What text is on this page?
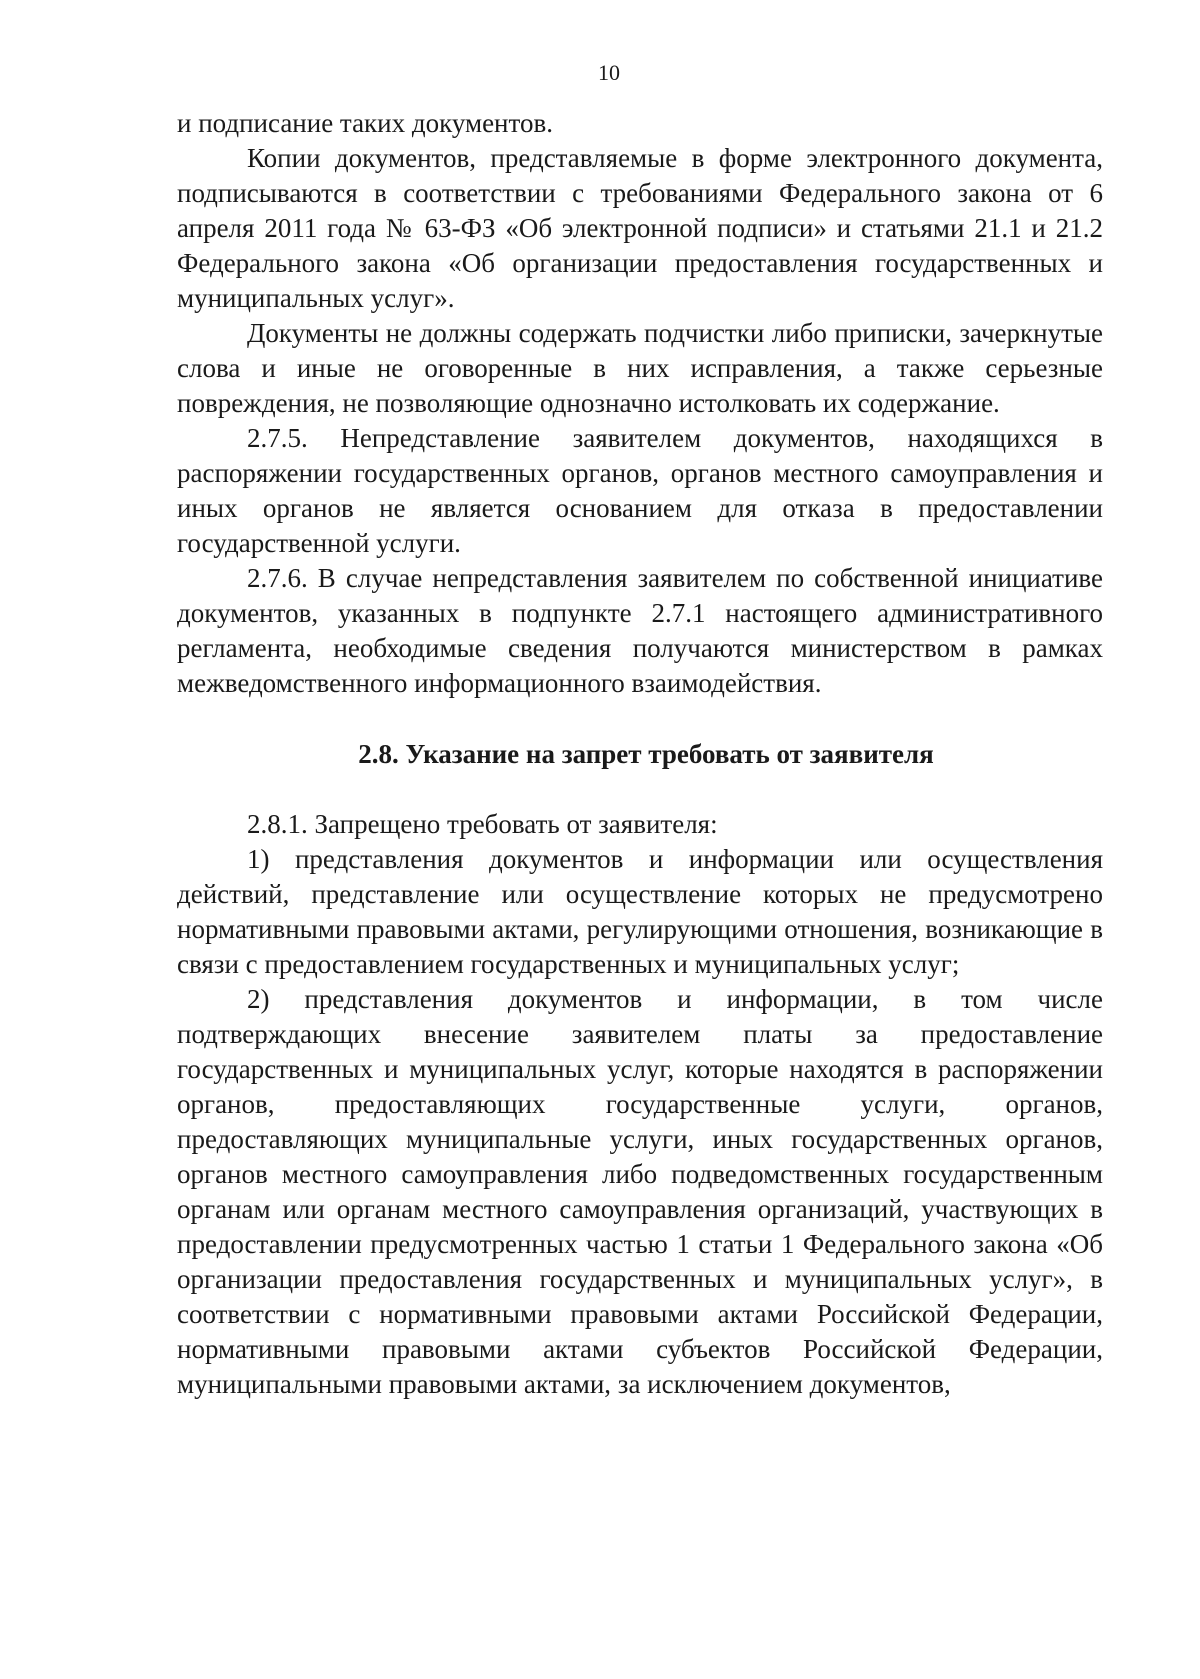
10

и подписание таких документов.

Копии документов, представляемые в форме электронного документа, подписываются в соответствии с требованиями Федерального закона от 6 апреля 2011 года № 63-ФЗ «Об электронной подписи» и статьями 21.1 и 21.2 Федерального закона «Об организации предоставления государственных и муниципальных услуг».

Документы не должны содержать подчистки либо приписки, зачеркнутые слова и иные не оговоренные в них исправления, а также серьезные повреждения, не позволяющие однозначно истолковать их содержание.

2.7.5. Непредставление заявителем документов, находящихся в распоряжении государственных органов, органов местного самоуправления и иных органов не является основанием для отказа в предоставлении государственной услуги.

2.7.6. В случае непредставления заявителем по собственной инициативе документов, указанных в подпункте 2.7.1 настоящего административного регламента, необходимые сведения получаются министерством в рамках межведомственного информационного взаимодействия.

2.8. Указание на запрет требовать от заявителя

2.8.1. Запрещено требовать от заявителя:

1) представления документов и информации или осуществления действий, представление или осуществление которых не предусмотрено нормативными правовыми актами, регулирующими отношения, возникающие в связи с предоставлением государственных и муниципальных услуг;

2) представления документов и информации, в том числе подтверждающих внесение заявителем платы за предоставление государственных и муниципальных услуг, которые находятся в распоряжении органов, предоставляющих государственные услуги, органов, предоставляющих муниципальные услуги, иных государственных органов, органов местного самоуправления либо подведомственных государственным органам или органам местного самоуправления организаций, участвующих в предоставлении предусмотренных частью 1 статьи 1 Федерального закона «Об организации предоставления государственных и муниципальных услуг», в соответствии с нормативными правовыми актами Российской Федерации, нормативными правовыми актами субъектов Российской Федерации, муниципальными правовыми актами, за исключением документов,
